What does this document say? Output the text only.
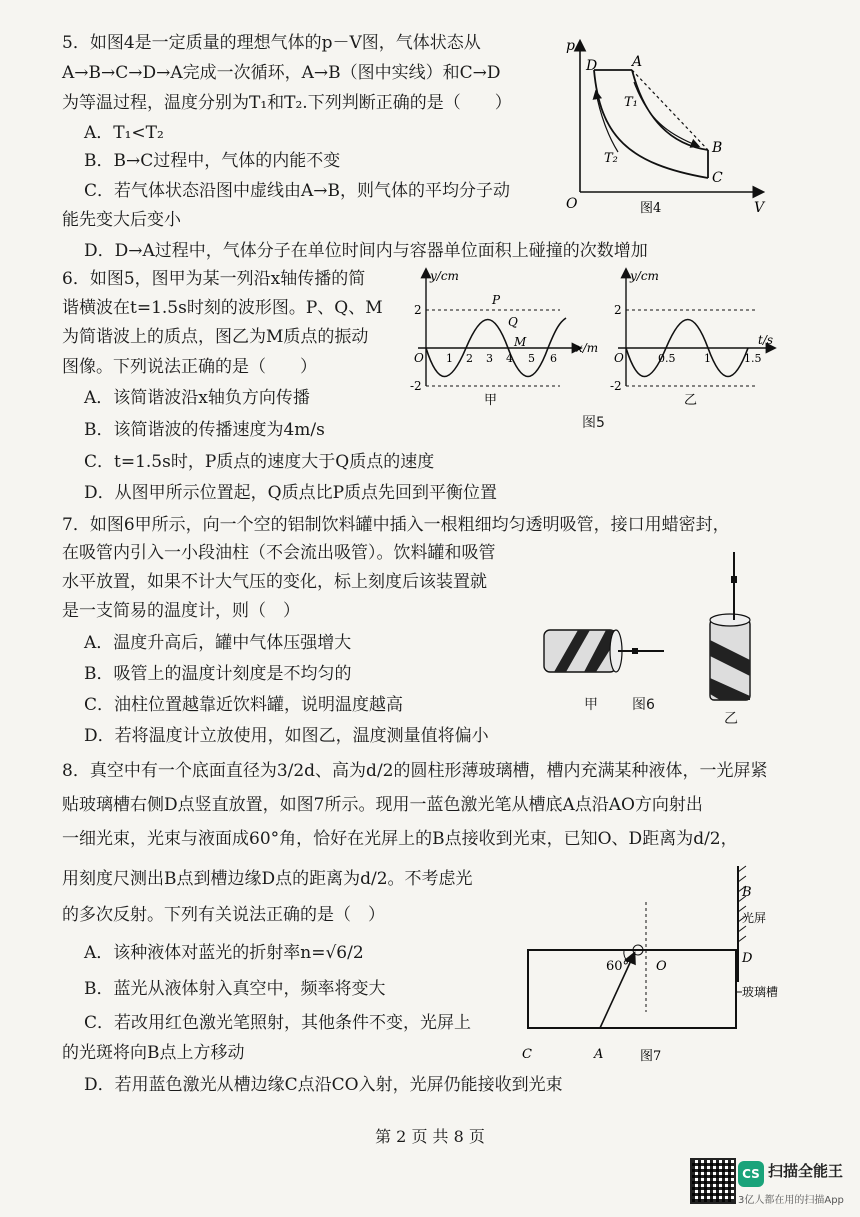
5．如图4是一定质量的理想气体的p－V图，气体状态从
A→B→C→D→A完成一次循环，A→B（图中实线）和C→D
为等温过程，温度分别为T₁和T₂.下列判断正确的是（　　）
A．T₁<T₂
B．B→C过程中，气体的内能不变
C．若气体状态沿图中虚线由A→B，则气体的平均分子动
能先变大后变小
D．D→A过程中，气体分子在单位时间内与容器单位面积上碰撞的次数增加
p
V
O
D A
B
C
T₁
T₂
图4
6．如图5，图甲为某一列沿x轴传播的简
谐横波在t=1.5s时刻的波形图。P、Q、M
为简谐波上的质点，图乙为M质点的振动
图像。下列说法正确的是（　　）
A．该简谐波沿x轴负方向传播
B．该简谐波的传播速度为4m/s
C．t=1.5s时，P质点的速度大于Q质点的速度
D．从图甲所示位置起，Q质点比P质点先回到平衡位置
y/cm
x/m
2
-2
O 1 2 3 4 5 6
P
Q
M
甲
y/cm
t/s
2
-2
O	0.5	1	1.5
乙
图5
7．如图6甲所示，向一个空的铝制饮料罐中插入一根粗细均匀透明吸管，接口用蜡密封，
在吸管内引入一小段油柱（不会流出吸管）。饮料罐和吸管
水平放置，如果不计大气压的变化，标上刻度后该装置就
是一支简易的温度计，则（　）
A．温度升高后，罐中气体压强增大
B．吸管上的温度计刻度是不均匀的
C．油柱位置越靠近饮料罐，说明温度越高
D．若将温度计立放使用，如图乙，温度测量值将偏小
甲 图6
乙
8．真空中有一个底面直径为3/2d、高为d/2的圆柱形薄玻璃槽，槽内充满某种液体，一光屏紧
贴玻璃槽右侧D点竖直放置，如图7所示。现用一蓝色激光笔从槽底A点沿AO方向射出
一细光束，光束与液面成60°角，恰好在光屏上的B点接收到光束，已知O、D距离为d/2，
用刻度尺测出B点到槽边缘D点的距离为d/2。不考虑光
的多次反射。下列有关说法正确的是（　）
A．该种液体对蓝光的折射率n=√6/2
B．蓝光从液体射入真空中，频率将变大
C．若改用红色激光笔照射，其他条件不变，光屏上
的光斑将向B点上方移动
D．若用蓝色激光从槽边缘C点沿CO入射，光屏仍能接收到光束
B
光屏
60° O
D
玻璃槽
C	A	图7
第 2 页 共 8 页
CS 扫描全能王
3亿人都在用的扫描App
